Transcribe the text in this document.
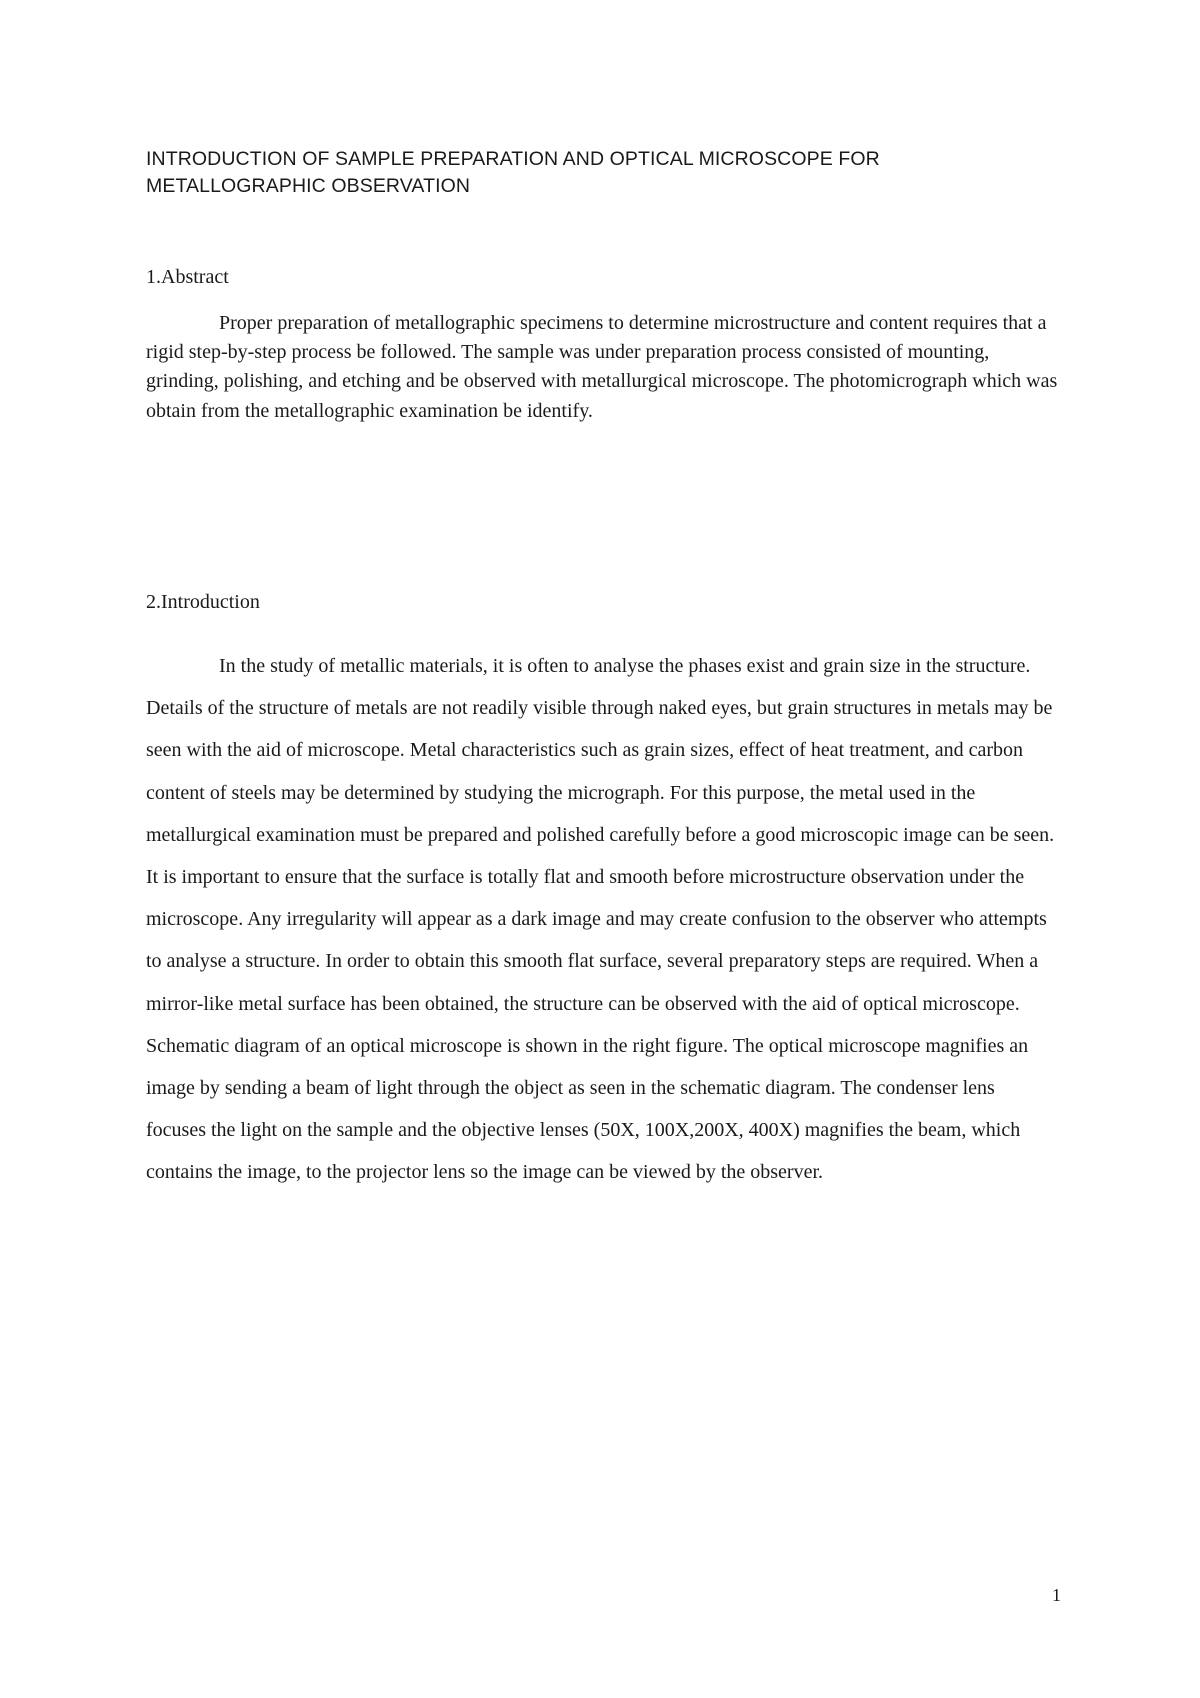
INTRODUCTION OF SAMPLE PREPARATION AND OPTICAL MICROSCOPE FOR METALLOGRAPHIC OBSERVATION
1.Abstract

Proper preparation of metallographic specimens to determine microstructure and content requires that a rigid step-by-step process be followed. The sample was under preparation process consisted of mounting, grinding, polishing, and etching and be observed with metallurgical microscope. The photomicrograph which was obtain from the metallographic examination be identify.

2.Introduction

In the study of metallic materials, it is often to analyse the phases exist and grain size in the structure. Details of the structure of metals are not readily visible through naked eyes, but grain structures in metals may be seen with the aid of microscope. Metal characteristics such as grain sizes, effect of heat treatment, and carbon content of steels may be determined by studying the micrograph. For this purpose, the metal used in the metallurgical examination must be prepared and polished carefully before a good microscopic image can be seen. It is important to ensure that the surface is totally flat and smooth before microstructure observation under the microscope. Any irregularity will appear as a dark image and may create confusion to the observer who attempts to analyse a structure. In order to obtain this smooth flat surface, several preparatory steps are required. When a mirror-like metal surface has been obtained, the structure can be observed with the aid of optical microscope. Schematic diagram of an optical microscope is shown in the right figure. The optical microscope magnifies an image by sending a beam of light through the object as seen in the schematic diagram. The condenser lens focuses the light on the sample and the objective lenses (50X, 100X,200X, 400X) magnifies the beam, which contains the image, to the projector lens so the image can be viewed by the observer.

1
